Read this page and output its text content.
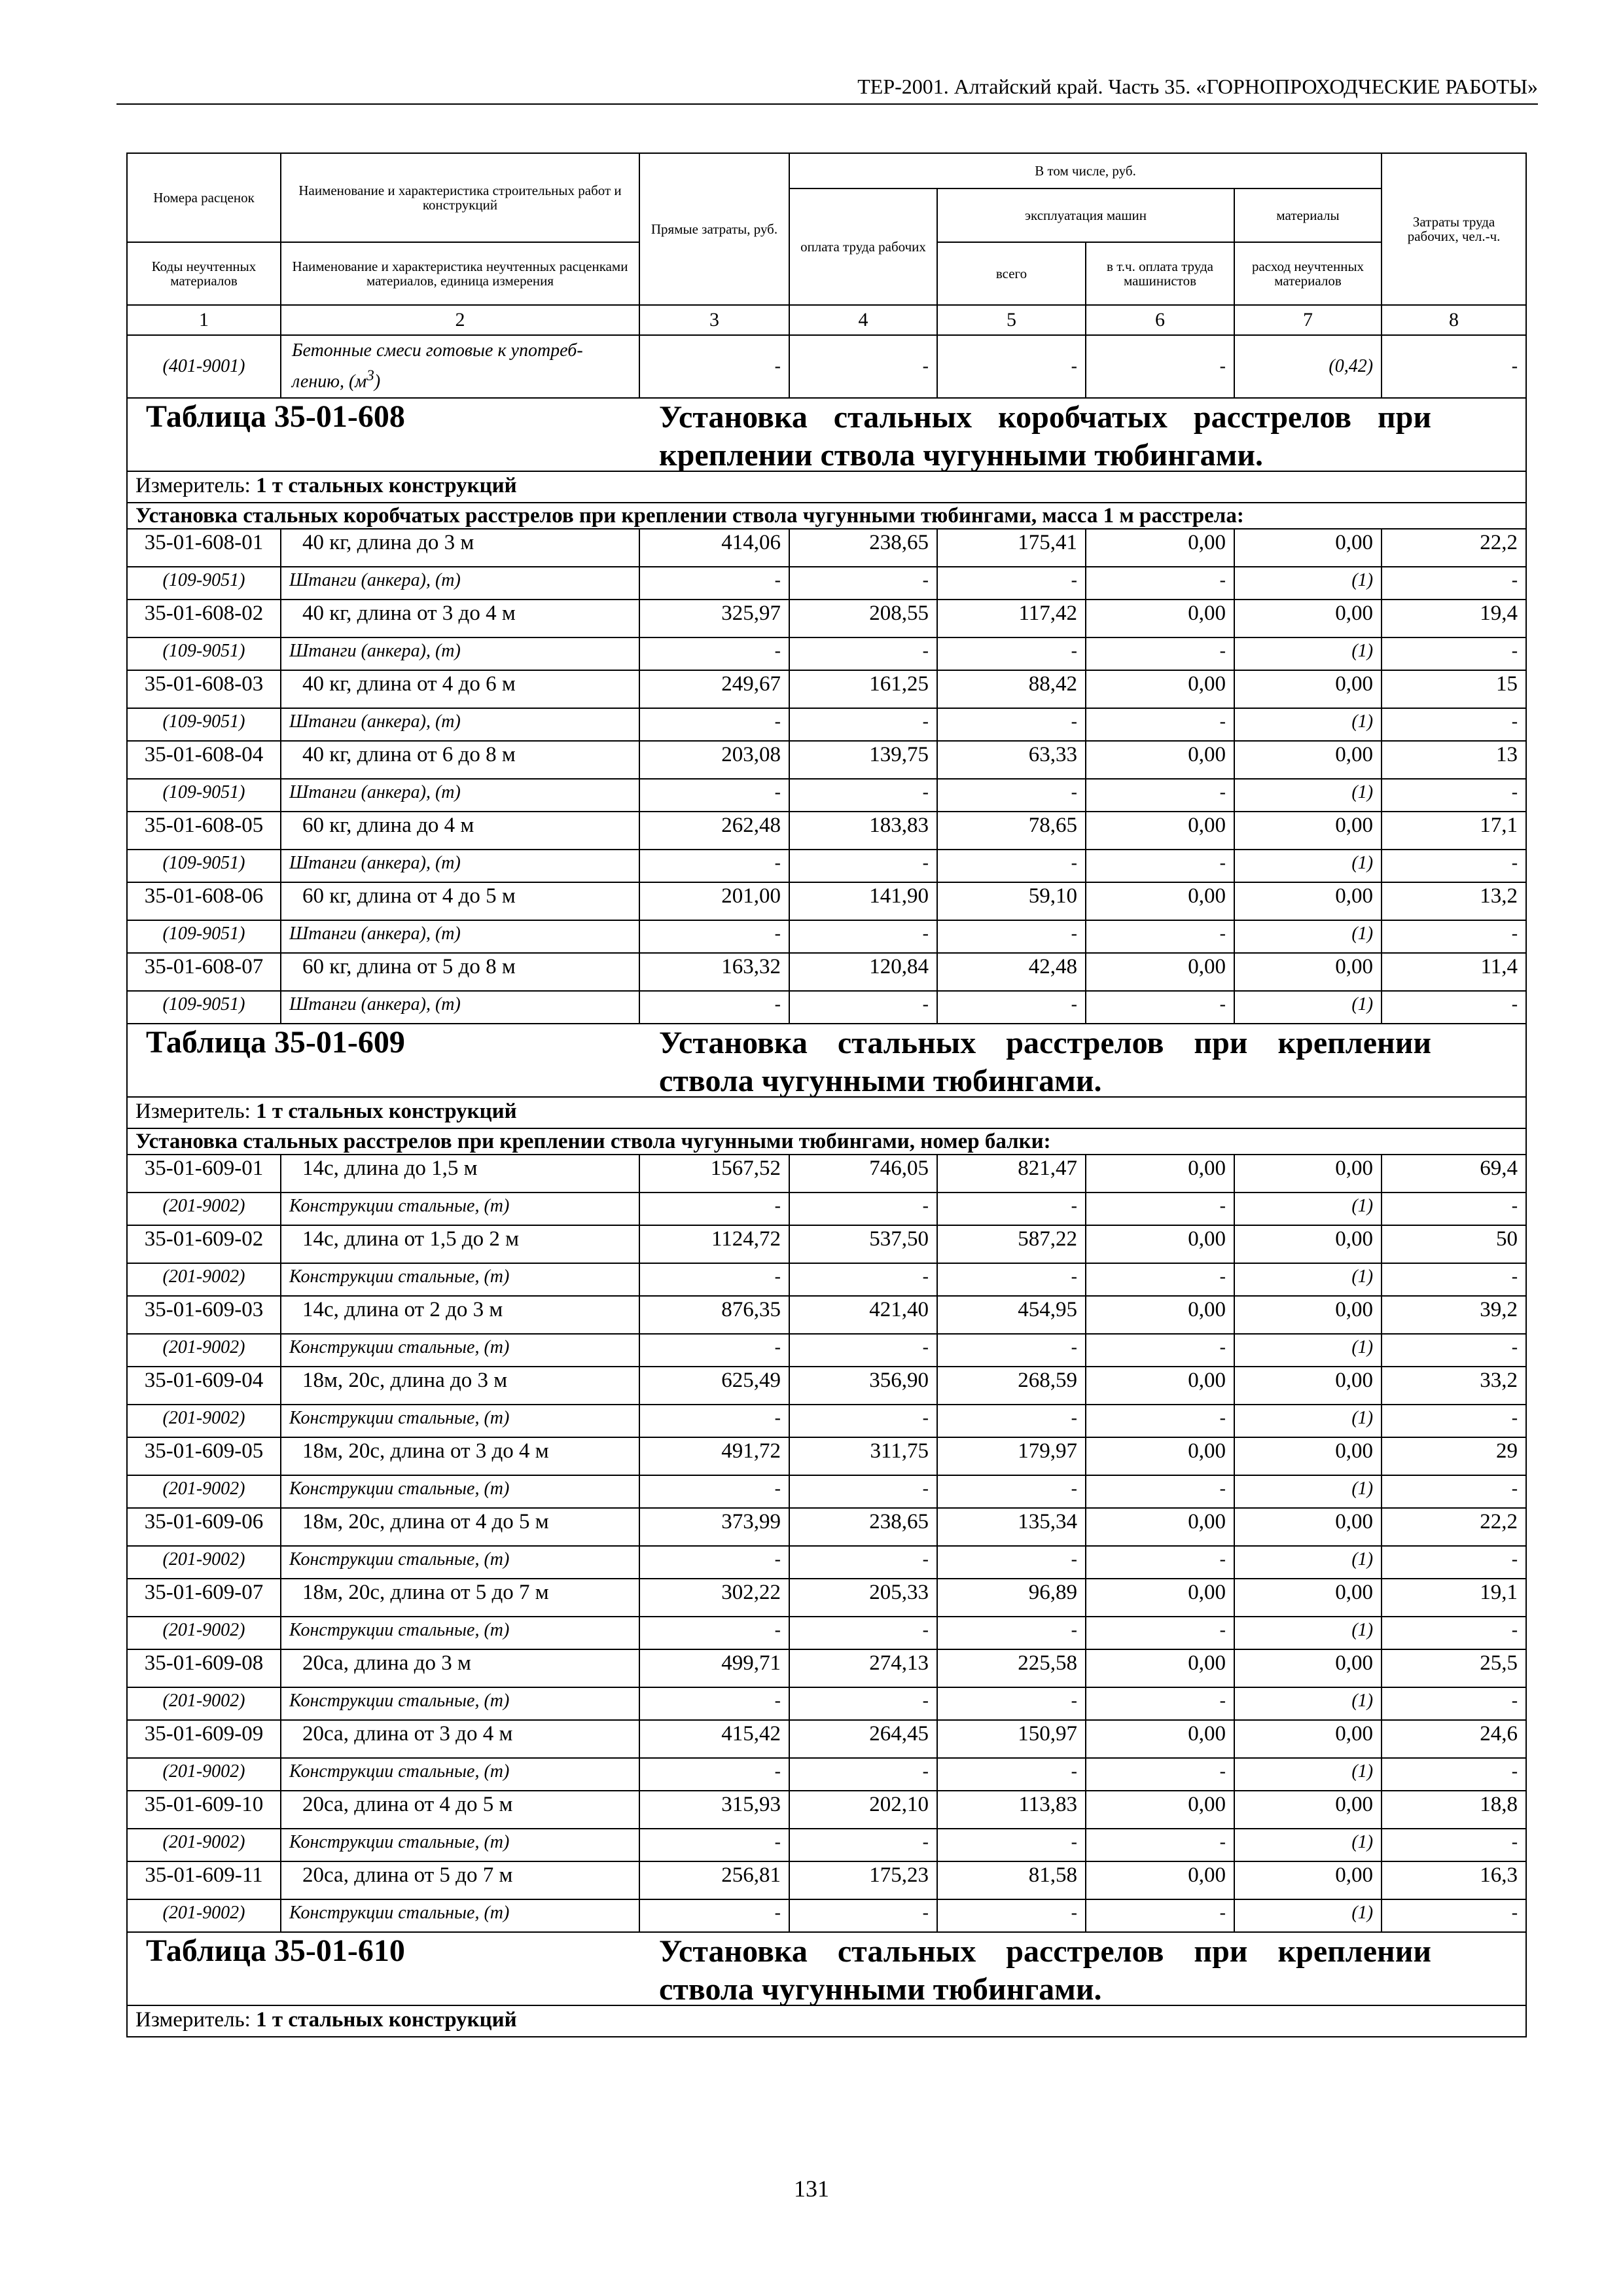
ТЕР-2001. Алтайский край. Часть 35. «ГОРНОПРОХОДЧЕСКИЕ РАБОТЫ»
Номера расценок	Наименование и характеристика строительных работ и конструкций	Прямые затраты, руб.	В том числе, руб.				Затраты труда рабочих, чел.-ч.
			оплата труда рабочих	эксплуатация машин		материалы	
Коды неучтенных материалов	Наименование и характеристика неучтенных расценками материалов, единица измерения			всего	в т.ч. оплата труда машинистов	расход неучтенных материалов	
1	2	3	4	5	6	7	8
(401-9001)	Бетонные смеси готовые к употреб-
лению, $(м^3)$	-	-	-	-	(0,42)	-

Таблица 35-01-608 Установка стальных коробчатых расстрелов при креплении ствола чугунными тюбингами.							

Измеритель: 1 т стальных конструкций							
Установка стальных коробчатых расстрелов при креплении ствола чугунными тюбингами, масса 1 м расстрела:							
35-01-608-01	40 кг, длина до 3 м	414,06	238,65	175,41	0,00	0,00	22,2
(109-9051)	Штанги (анкера), (т)	-	-	-	-	(1)	-
35-01-608-02	40 кг, длина от 3 до 4 м	325,97	208,55	117,42	0,00	0,00	19,4
(109-9051)	Штанги (анкера), (т)	-	-	-	-	(1)	-
35-01-608-03	40 кг, длина от 4 до 6 м	249,67	161,25	88,42	0,00	0,00	15
(109-9051)	Штанги (анкера), (т)	-	-	-	-	(1)	-
35-01-608-04	40 кг, длина от 6 до 8 м	203,08	139,75	63,33	0,00	0,00	13
(109-9051)	Штанги (анкера), (т)	-	-	-	-	(1)	-
35-01-608-05	60 кг, длина до 4 м	262,48	183,83	78,65	0,00	0,00	17,1
(109-9051)	Штанги (анкера), (т)	-	-	-	-	(1)	-
35-01-608-06	60 кг, длина от 4 до 5 м	201,00	141,90	59,10	0,00	0,00	13,2
(109-9051)	Штанги (анкера), (т)	-	-	-	-	(1)	-
35-01-608-07	60 кг, длина от 5 до 8 м	163,32	120,84	42,48	0,00	0,00	11,4
(109-9051)	Штанги (анкера), (т)	-	-	-	-	(1)	-

Таблица 35-01-609 Установка стальных расстрелов при креплении ствола чугунными тюбингами.							

Измеритель: 1 т стальных конструкций							
Установка стальных расстрелов при креплении ствола чугунными тюбингами, номер балки:							
35-01-609-01	14с, длина до 1,5 м	1567,52	746,05	821,47	0,00	0,00	69,4
(201-9002)	Конструкции стальные, (т)	-	-	-	-	(1)	-
35-01-609-02	14с, длина от 1,5 до 2 м	1124,72	537,50	587,22	0,00	0,00	50
(201-9002)	Конструкции стальные, (т)	-	-	-	-	(1)	-
35-01-609-03	14с, длина от 2 до 3 м	876,35	421,40	454,95	0,00	0,00	39,2
(201-9002)	Конструкции стальные, (т)	-	-	-	-	(1)	-
35-01-609-04	18м, 20с, длина до 3 м	625,49	356,90	268,59	0,00	0,00	33,2
(201-9002)	Конструкции стальные, (т)	-	-	-	-	(1)	-
35-01-609-05	18м, 20с, длина от 3 до 4 м	491,72	311,75	179,97	0,00	0,00	29
(201-9002)	Конструкции стальные, (т)	-	-	-	-	(1)	-
35-01-609-06	18м, 20с, длина от 4 до 5 м	373,99	238,65	135,34	0,00	0,00	22,2
(201-9002)	Конструкции стальные, (т)	-	-	-	-	(1)	-
35-01-609-07	18м, 20с, длина от 5 до 7 м	302,22	205,33	96,89	0,00	0,00	19,1
(201-9002)	Конструкции стальные, (т)	-	-	-	-	(1)	-
35-01-609-08	20са, длина до 3 м	499,71	274,13	225,58	0,00	0,00	25,5
(201-9002)	Конструкции стальные, (т)	-	-	-	-	(1)	-
35-01-609-09	20са, длина от 3 до 4 м	415,42	264,45	150,97	0,00	0,00	24,6
(201-9002)	Конструкции стальные, (т)	-	-	-	-	(1)	-
35-01-609-10	20са, длина от 4 до 5 м	315,93	202,10	113,83	0,00	0,00	18,8
(201-9002)	Конструкции стальные, (т)	-	-	-	-	(1)	-
35-01-609-11	20са, длина от 5 до 7 м	256,81	175,23	81,58	0,00	0,00	16,3
(201-9002)	Конструкции стальные, (т)	-	-	-	-	(1)	-

Таблица 35-01-610 Установка стальных расстрелов при креплении ствола чугунными тюбингами.							

Измеритель: 1 т стальных конструкций							
131
